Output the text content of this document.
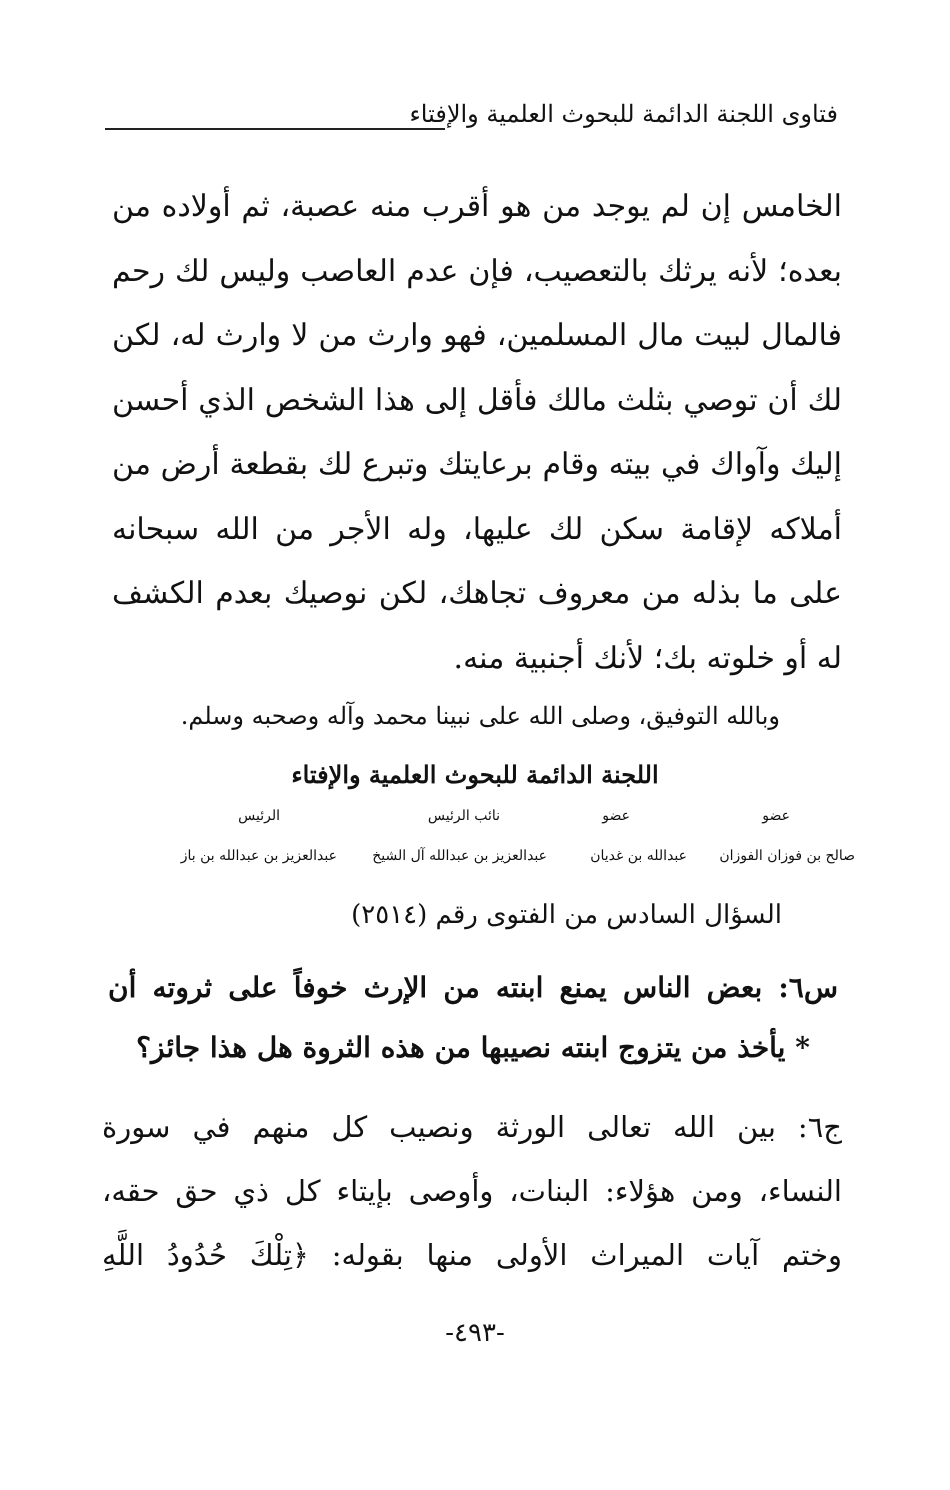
فتاوى اللجنة الدائمة للبحوث العلمية والإفتاء

الخامس إن لم يوجد من هو أقرب منه عصبة، ثم أولاده من بعده؛ لأنه يرثك بالتعصيب، فإن عدم العاصب وليس لك رحم فالمال لبيت مال المسلمين، فهو وارث من لا وارث له، لكن لك أن توصي بثلث مالك فأقل إلى هذا الشخص الذي أحسن إليك وآواك في بيته وقام برعايتك وتبرع لك بقطعة أرض من أملاكه لإقامة سكن لك عليها، وله الأجر من الله سبحانه على ما بذله من معروف تجاهك، لكن نوصيك بعدم الكشف له أو خلوته بك؛ لأنك أجنبية منه.

وبالله التوفيق، وصلى الله على نبينا محمد وآله وصحبه وسلم.
اللجنة الدائمة للبحوث العلمية والإفتاء
عضو
عضو
نائب الرئيس
الرئيس
صالح بن فوزان الفوزان
عبدالله بن غديان
عبدالعزيز بن عبدالله آل الشيخ
عبدالعزيز بن عبدالله بن باز
السؤال السادس من الفتوى رقم (٢٥١٤)

س٦: بعض الناس يمنع ابنته من الإرث خوفاً على ثروته أن

* يأخذ من يتزوج ابنته نصيبها من هذه الثروة هل هذا جائز؟

ج٦: بين الله تعالى الورثة ونصيب كل منهم في سورة

النساء، ومن هؤلاء: البنات، وأوصى بإيتاء كل ذي حق حقه،

وختم آيات الميراث الأولى منها بقوله: ﴿تِلْكَ حُدُودُ اللَّهِ

-٤٩٣-
